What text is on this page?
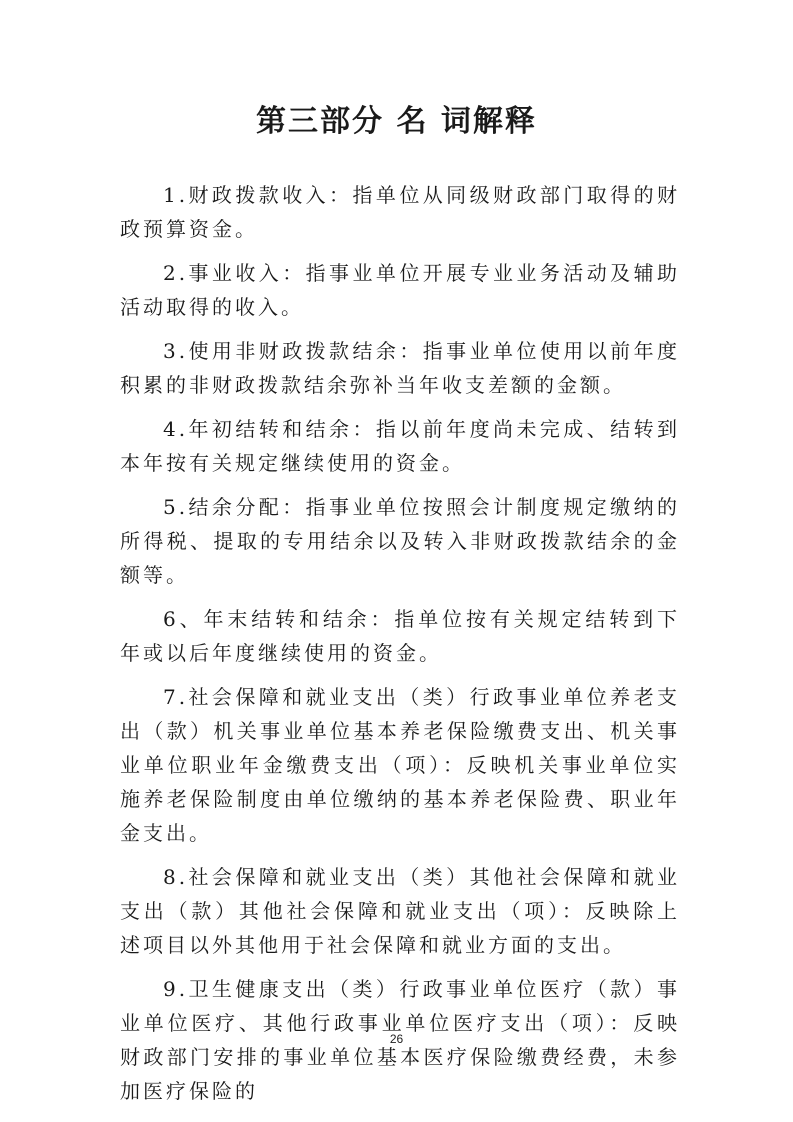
第三部分 名 词解释

1.财政拨款收入：指单位从同级财政部门取得的财政预算资金。

2.事业收入：指事业单位开展专业业务活动及辅助活动取得的收入。

3.使用非财政拨款结余：指事业单位使用以前年度积累的非财政拨款结余弥补当年收支差额的金额。

4.年初结转和结余：指以前年度尚未完成、结转到本年按有关规定继续使用的资金。

5.结余分配：指事业单位按照会计制度规定缴纳的所得税、提取的专用结余以及转入非财政拨款结余的金额等。

6、年末结转和结余：指单位按有关规定结转到下年或以后年度继续使用的资金。

7.社会保障和就业支出（类）行政事业单位养老支出（款）机关事业单位基本养老保险缴费支出、机关事业单位职业年金缴费支出（项）：反映机关事业单位实施养老保险制度由单位缴纳的基本养老保险费、职业年金支出。

8.社会保障和就业支出（类）其他社会保障和就业支出（款）其他社会保障和就业支出（项）：反映除上述项目以外其他用于社会保障和就业方面的支出。

9.卫生健康支出（类）行政事业单位医疗（款）事业单位医疗、其他行政事业单位医疗支出（项）：反映财政部门安排的事业单位基本医疗保险缴费经费，未参加医疗保险的

26
